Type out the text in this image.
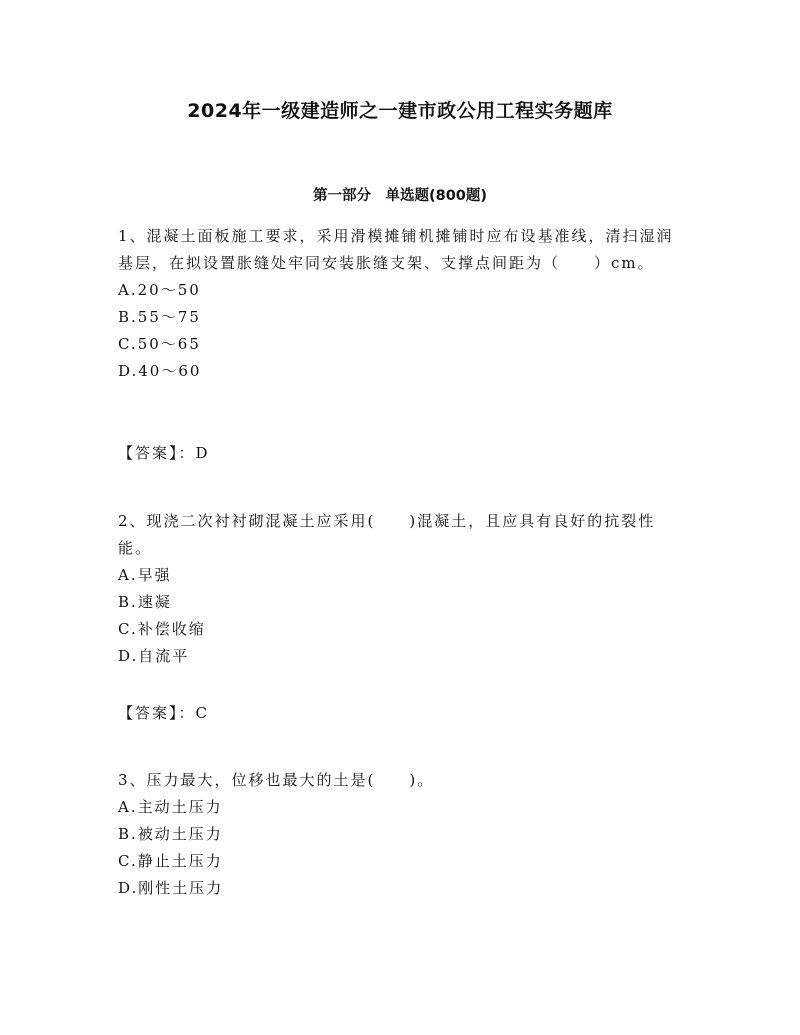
2024年一级建造师之一建市政公用工程实务题库
第一部分　单选题(800题)

1、混凝土面板施工要求，采用滑模摊铺机摊铺时应布设基准线，清扫湿润基层，在拟设置胀缝处牢同安装胀缝支架、支撑点间距为（　　）cm。

A.20～50

B.55～75

C.50～65

D.40～60

【答案】：D

2、现浇二次衬衬砌混凝土应采用(　　)混凝土，且应具有良好的抗裂性能。

A.早强

B.速凝

C.补偿收缩

D.自流平

【答案】：C

3、压力最大，位移也最大的土是(　　)。

A.主动土压力

B.被动土压力

C.静止土压力

D.刚性土压力
